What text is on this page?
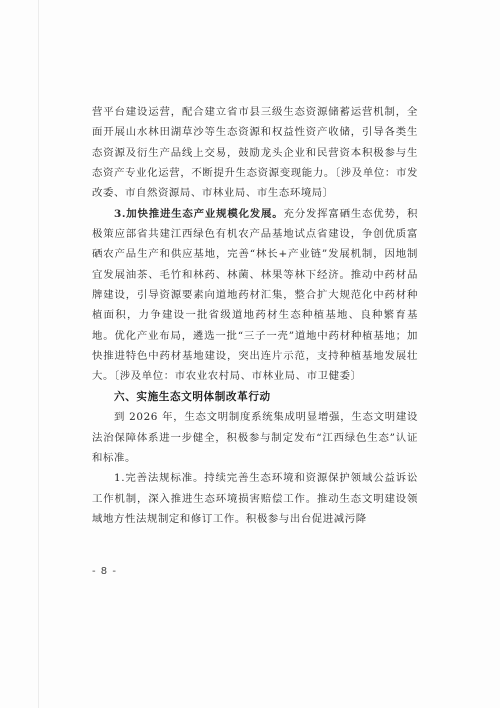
营平台建设运营，配合建立省市县三级生态资源储蓄运营机制，全面开展山水林田湖草沙等生态资源和权益性资产收储，引导各类生态资源及衍生产品线上交易，鼓励龙头企业和民营资本积极参与生态资产专业化运营，不断提升生态资源变现能力。〔涉及单位：市发改委、市自然资源局、市林业局、市生态环境局〕

3.加快推进生态产业规模化发展。充分发挥富硒生态优势，积极策应部省共建江西绿色有机农产品基地试点省建设，争创优质富硒农产品生产和供应基地，完善“林长+产业链”发展机制，因地制宜发展油茶、毛竹和林药、林菌、林果等林下经济。推动中药材品牌建设，引导资源要素向道地药材汇集，整合扩大规范化中药材种植面积，力争建设一批省级道地药材生态种植基地、良种繁育基地。优化产业布局，遴选一批“三子一壳”道地中药材种植基地；加快推进特色中药材基地建设，突出连片示范，支持种植基地发展壮大。〔涉及单位：市农业农村局、市林业局、市卫健委〕

六、实施生态文明体制改革行动

到 2026 年，生态文明制度系统集成明显增强，生态文明建设法治保障体系进一步健全，积极参与制定发布“江西绿色生态”认证和标准。

1.完善法规标准。持续完善生态环境和资源保护领域公益诉讼工作机制，深入推进生态环境损害赔偿工作。推动生态文明建设领域地方性法规制定和修订工作。积极参与出台促进减污降

- 8 -
